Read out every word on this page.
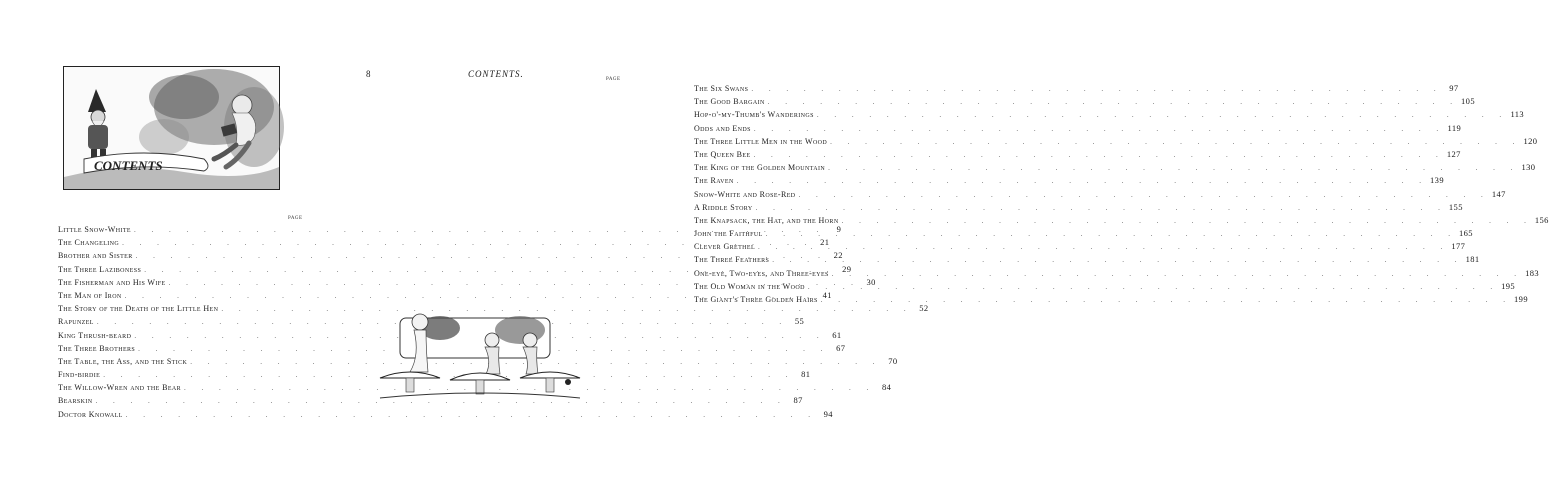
CONTENTS
PAGE
Little Snow-White . . .	9
The Changeling . . .	21
Brother and Sister . . .	22
The Three Laziboness . . .	29
The Fisherman and His Wife . . .	30
The Man of Iron . . .	41
The Story of the Death of the Little Hen . . .	52
Rapunzel . . .	55
King Thrush-beard . . .	61
The Three Brothers . . .	67
The Table, the Ass, and the Stick . . .	70
Find-birdie . . .	81
The Willow-Wren and the Bear . . .	84
Bearskin . . .	87
Doctor Knowall . . .	94
8	CONTENTS.
PAGE
The Six Swans . . .	97
The Good Bargain . . .	105
Hop-o'-my-Thumb's Wanderings . . .	113
Odds and Ends . . .	119
The Three Little Men in the Wood . . .	120
The Queen Bee . . .	127
The King of the Golden Mountain . . .	130
The Raven . . .	139
Snow-White and Rose-Red . . .	147
A Riddle Story . . .	155
The Knapsack, the Hat, and the Horn . . .	156
John the Faithful . . .	165
Clever Grethel . . .	177
The Three Feathers . . .	181
One-eye, Two-eyes, and Three-eyes . . .	183
The Old Woman in the Wood . . .	195
The Giant's Three Golden Hairs . . .	199
